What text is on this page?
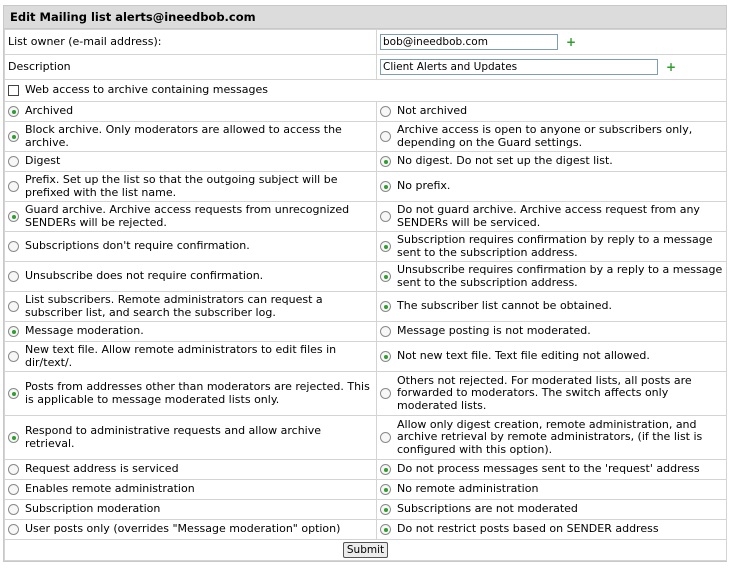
Edit Mailing list alerts@ineedbob.com
List owner (e-mail address):	
bob@ineedbob.com+

Description	
Client Alerts and Updates+

Web access to archive containing messages	

Archived	Not archived

Block archive. Only moderators are allowed to access the archive.	Archive access is open to anyone or subscribers only, depending on the Guard settings.

Digest	No digest. Do not set up the digest list.

Prefix. Set up the list so that the outgoing subject will be prefixed with the list name.	No prefix.

Guard archive. Archive access requests from unrecognized SENDERs will be rejected.	Do not guard archive. Archive access request from any SENDERs will be serviced.

Subscriptions don't require confirmation.	Subscription requires confirmation by reply to a message sent to the subscription address.

Unsubscribe does not require confirmation.	Unsubscribe requires confirmation by a reply to a message sent to the subscription address.

List subscribers. Remote administrators can request a subscriber list, and search the subscriber log.	The subscriber list cannot be obtained.

Message moderation.	Message posting is not moderated.

New text file. Allow remote administrators to edit files in dir/text/.	Not new text file. Text file editing not allowed.

Posts from addresses other than moderators are rejected. This is applicable to message moderated lists only.	Others not rejected. For moderated lists, all posts are forwarded to moderators. The switch affects only moderated lists.

Respond to administrative requests and allow archive retrieval.	Allow only digest creation, remote administration, and archive retrieval by remote administrators, (if the list is configured with this option).

Request address is serviced	Do not process messages sent to the 'request' address

Enables remote administration	No remote administration

Subscription moderation	Subscriptions are not moderated

User posts only (overrides "Message moderation" option)	Do not restrict posts based on SENDER address

Submit	
